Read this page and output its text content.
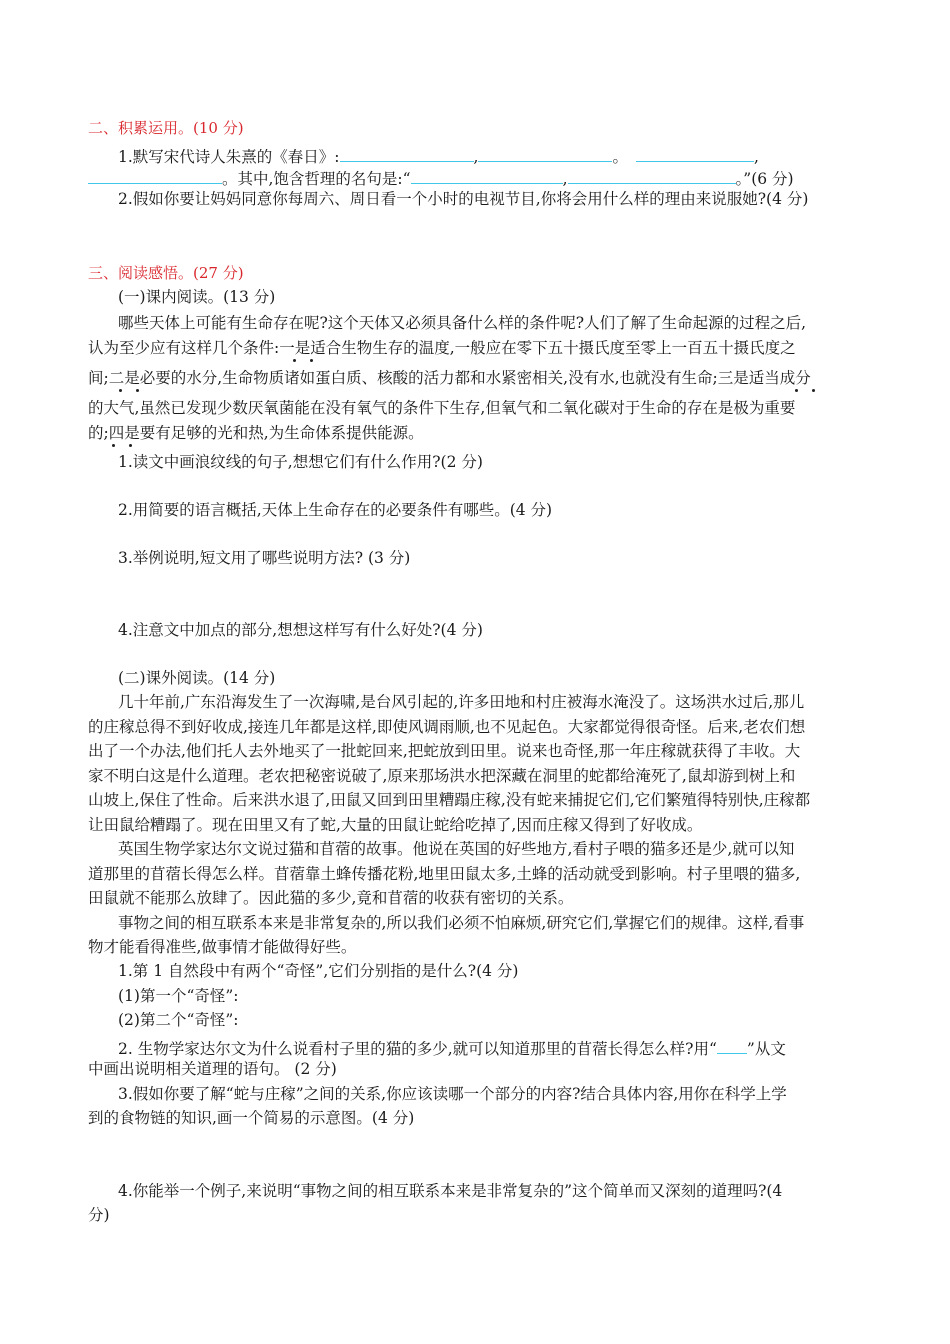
二、积累运用。(10 分)
1.默写宋代诗人朱熹的《春日》:	,	。	,
。其中,饱含哲理的名句是:“	,	。”(6 分)
2.假如你要让妈妈同意你每周六、周日看一个小时的电视节目,你将会用什么样的理由来说服她?(4 分)
三、阅读感悟。(27 分)
(一)课内阅读。(13 分)
哪些天体上可能有生命存在呢?这个天体又必须具备什么样的条件呢?人们了解了生命起源的过程之后,
认为至少应有这样几个条件:一是适合生物生存的温度,一般应在零下五十摄氏度至零上一百五十摄氏度之
间;二是必要的水分,生命物质诸如蛋白质、核酸的活力都和水紧密相关,没有水,也就没有生命;三是适当成分
的大气,虽然已发现少数厌氧菌能在没有氧气的条件下生存,但氧气和二氧化碳对于生命的存在是极为重要
的;四是要有足够的光和热,为生命体系提供能源。
1.读文中画浪纹线的句子,想想它们有什么作用?(2 分)
2.用简要的语言概括,天体上生命存在的必要条件有哪些。(4 分)
3.举例说明,短文用了哪些说明方法? (3 分)
4.注意文中加点的部分,想想这样写有什么好处?(4 分)
(二)课外阅读。(14 分)
几十年前,广东沿海发生了一次海啸,是台风引起的,许多田地和村庄被海水淹没了。这场洪水过后,那儿
的庄稼总得不到好收成,接连几年都是这样,即使风调雨顺,也不见起色。大家都觉得很奇怪。后来,老农们想
出了一个办法,他们托人去外地买了一批蛇回来,把蛇放到田里。说来也奇怪,那一年庄稼就获得了丰收。大
家不明白这是什么道理。老农把秘密说破了,原来那场洪水把深藏在洞里的蛇都给淹死了,鼠却游到树上和
山坡上,保住了性命。后来洪水退了,田鼠又回到田里糟蹋庄稼,没有蛇来捕捉它们,它们繁殖得特别快,庄稼都
让田鼠给糟蹋了。现在田里又有了蛇,大量的田鼠让蛇给吃掉了,因而庄稼又得到了好收成。
英国生物学家达尔文说过猫和苜蓿的故事。他说在英国的好些地方,看村子喂的猫多还是少,就可以知
道那里的苜蓿长得怎么样。苜蓿靠土蜂传播花粉,地里田鼠太多,土蜂的活动就受到影响。村子里喂的猫多,
田鼠就不能那么放肆了。因此猫的多少,竟和苜蓿的收获有密切的关系。
事物之间的相互联系本来是非常复杂的,所以我们必须不怕麻烦,研究它们,掌握它们的规律。这样,看事
物才能看得准些,做事情才能做得好些。
1.第 1 自然段中有两个“奇怪”,它们分别指的是什么?(4 分)
(1)第一个“奇怪”:
(2)第二个“奇怪”:
2. 生物学家达尔文为什么说看村子里的猫的多少,就可以知道那里的苜蓿长得怎么样?用“ ”从文
中画出说明相关道理的语句。 (2 分)
3.假如你要了解“蛇与庄稼”之间的关系,你应该读哪一个部分的内容?结合具体内容,用你在科学上学
到的食物链的知识,画一个简易的示意图。(4 分)
4.你能举一个例子,来说明“事物之间的相互联系本来是非常复杂的”这个简单而又深刻的道理吗?(4
分)
